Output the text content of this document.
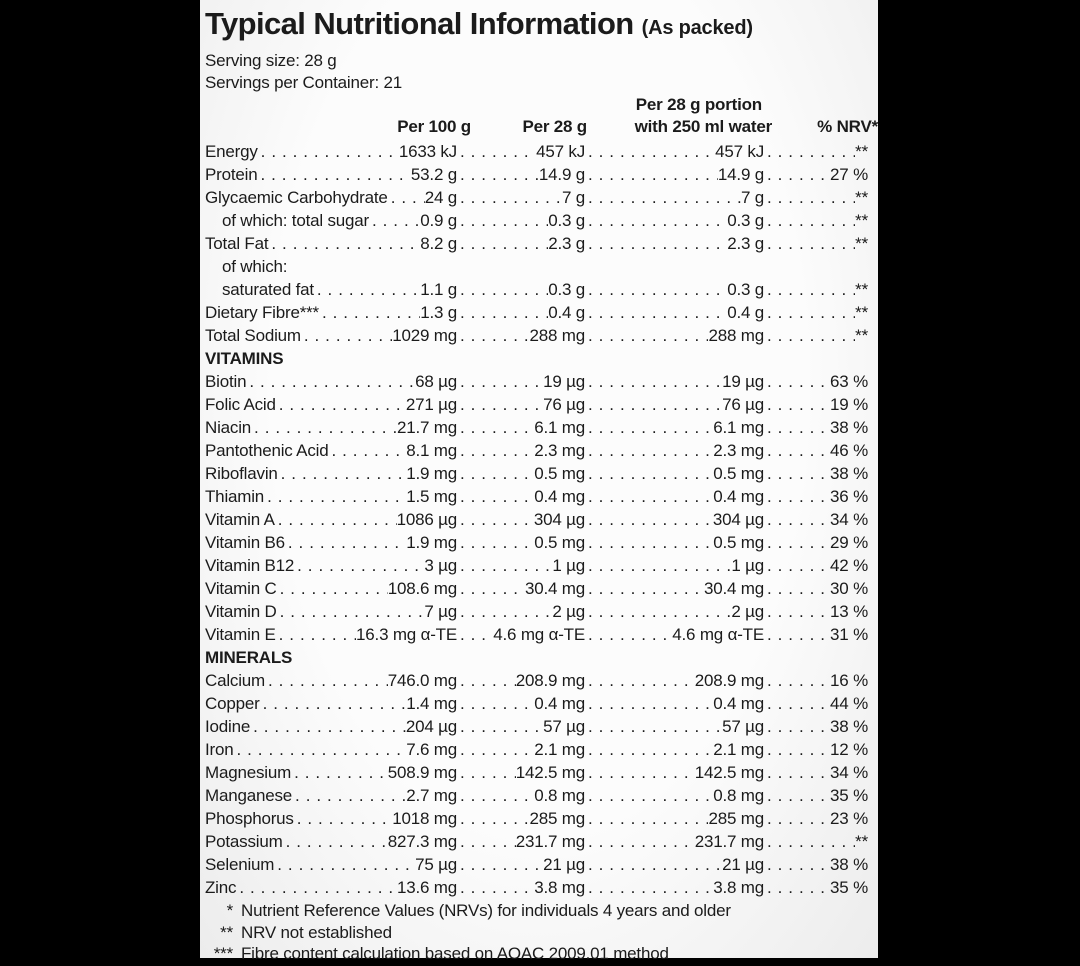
Typical Nutritional Information (As packed)
Serving size: 28 g
Servings per Container: 21
Per 28 g portion
Per 100 g	Per 28 g	with 250 ml water	% NRV*
Energy . . .	1633 kJ . . .	457 kJ . . .	457 kJ . . .	**
Protein . . .	53.2 g . . .	14.9 g . . .	14.9 g . . .	27 %
Glycaemic Carbohydrate . . . 24 g . . .	7 g . . .	7 g . . .	**
of which: total sugar . . .	0.9 g . . .	0.3 g . . .	0.3 g . . .	**
Total Fat . . .	8.2 g . . .	2.3 g . . .	2.3 g . . .	**
of which:
saturated fat . . .	1.1 g . . .	0.3 g . . .	0.3 g . . .	**
Dietary Fibre*** . . .	1.3 g . . .	0.4 g . . .	0.4 g . . .	**
Total Sodium . . .	1029 mg . . .	288 mg . . .	288 mg . . .	**
VITAMINS
Biotin . . .	68 µg . . .	19 µg . . .	19 µg . . .	63 %
Folic Acid . . .	271 µg . . .	76 µg . . .	76 µg . . .	19 %
Niacin . . .	21.7 mg . . .	6.1 mg . . .	6.1 mg . . .	38 %
Pantothenic Acid . . .	8.1 mg . . .	2.3 mg . . .	2.3 mg . . .	46 %
Riboflavin . . .	1.9 mg . . .	0.5 mg . . .	0.5 mg . . .	38 %
Thiamin . . .	1.5 mg . . .	0.4 mg . . .	0.4 mg . . .	36 %
Vitamin A . . .	1086 µg . . .	304 µg . . .	304 µg . . .	34 %
Vitamin B6 . . .	1.9 mg . . .	0.5 mg . . .	0.5 mg . . .	29 %
Vitamin B12 . . .	3 µg . . .	1 µg . . .	1 µg . . .	42 %
Vitamin C . . .	108.6 mg . . .	30.4 mg . . .	30.4 mg . . .	30 %
Vitamin D . . .	7 µg . . .	2 µg . . .	2 µg . . .	13 %
Vitamin E . . .	16.3 mg α-TE . . . 4.6 mg α-TE . . .	4.6 mg α-TE . . .	31 %
MINERALS
Calcium . . .	746.0 mg . . .	208.9 mg . . .	208.9 mg . . .	16 %
Copper . . .	1.4 mg . . .	0.4 mg . . .	0.4 mg . . .	44 %
Iodine . . .	204 µg . . .	57 µg . . .	57 µg . . .	38 %
Iron . . .	7.6 mg . . .	2.1 mg . . .	2.1 mg . . .	12 %
Magnesium . . .	508.9 mg . . .	142.5 mg . . .	142.5 mg . . .	34 %
Manganese . . .	2.7 mg . . .	0.8 mg . . .	0.8 mg . . .	35 %
Phosphorus . . .	1018 mg . . .	285 mg . . .	285 mg . . .	23 %
Potassium . . .	827.3 mg . . .	231.7 mg . . .	231.7 mg . . .	**
Selenium . . .	75 µg . . .	21 µg . . .	21 µg . . .	38 %
Zinc . . .	13.6 mg . . .	3.8 mg . . .	3.8 mg . . .	35 %
* Nutrient Reference Values (NRVs) for individuals 4 years and older
** NRV not established
*** Fibre content calculation based on AOAC 2009.01 method
